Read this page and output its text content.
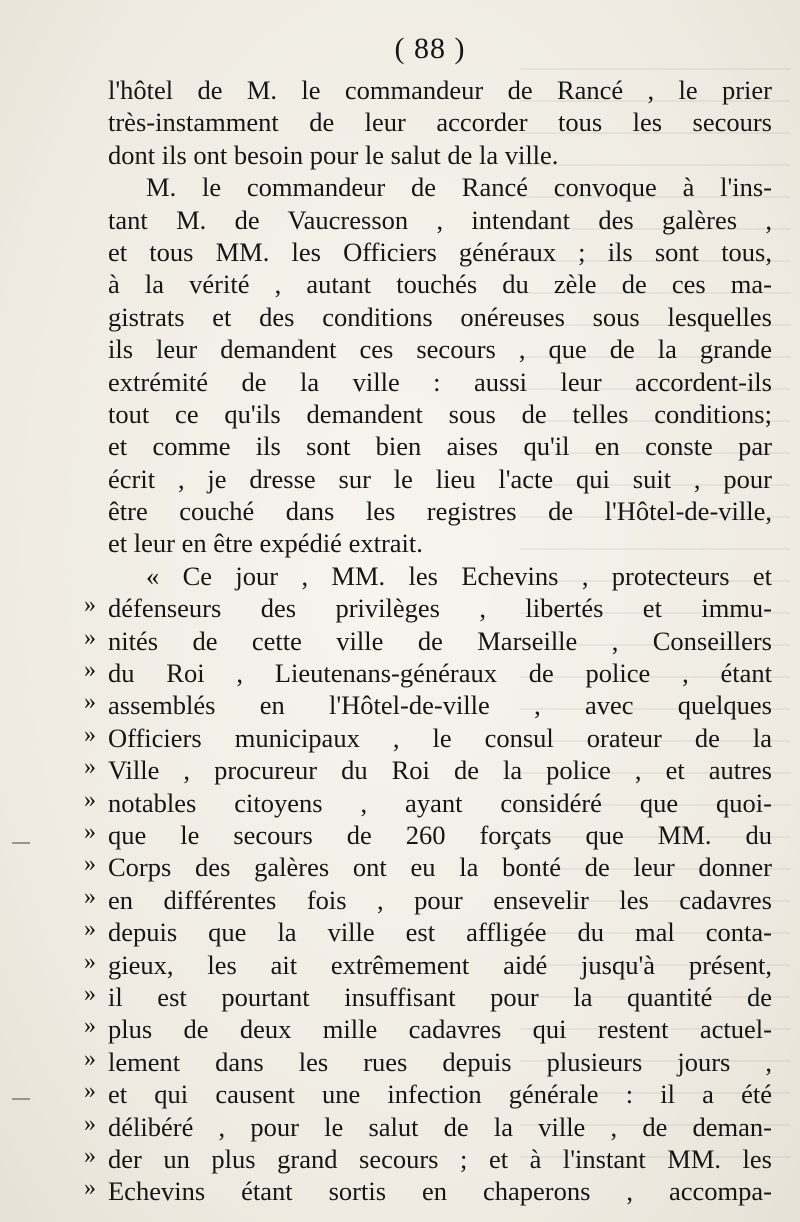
( 88 )
l'hôtel de M. le commandeur de Rancé , le prier
très-instamment de leur accorder tous les secours
dont ils ont besoin pour le salut de la ville.
M. le commandeur de Rancé convoque à l'ins-
tant M. de Vaucresson , intendant des galères ,
et tous MM. les Officiers généraux ; ils sont tous,
à la vérité , autant touchés du zèle de ces ma-
gistrats et des conditions onéreuses sous lesquelles
ils leur demandent ces secours , que de la grande
extrémité de la ville : aussi leur accordent-ils
tout ce qu'ils demandent sous de telles conditions;
et comme ils sont bien aises qu'il en conste par
écrit , je dresse sur le lieu l'acte qui suit , pour
être couché dans les registres de l'Hôtel-de-ville,
et leur en être expédié extrait.
« Ce jour , MM. les Echevins , protecteurs et
» défenseurs des privilèges , libertés et immu-
» nités de cette ville de Marseille , Conseillers
» du Roi , Lieutenans-généraux de police , étant
» assemblés en l'Hôtel-de-ville , avec quelques
» Officiers municipaux , le consul orateur de la
» Ville , procureur du Roi de la police , et autres
» notables citoyens , ayant considéré que quoi-
» que le secours de 260 forçats que MM. du
» Corps des galères ont eu la bonté de leur donner
» en différentes fois , pour ensevelir les cadavres
» depuis que la ville est affligée du mal conta-
» gieux, les ait extrêmement aidé jusqu'à présent,
» il est pourtant insuffisant pour la quantité de
» plus de deux mille cadavres qui restent actuel-
» lement dans les rues depuis plusieurs jours ,
» et qui causent une infection générale : il a été
» délibéré , pour le salut de la ville , de deman-
» der un plus grand secours ; et à l'instant MM. les
» Echevins étant sortis en chaperons , accompa-
